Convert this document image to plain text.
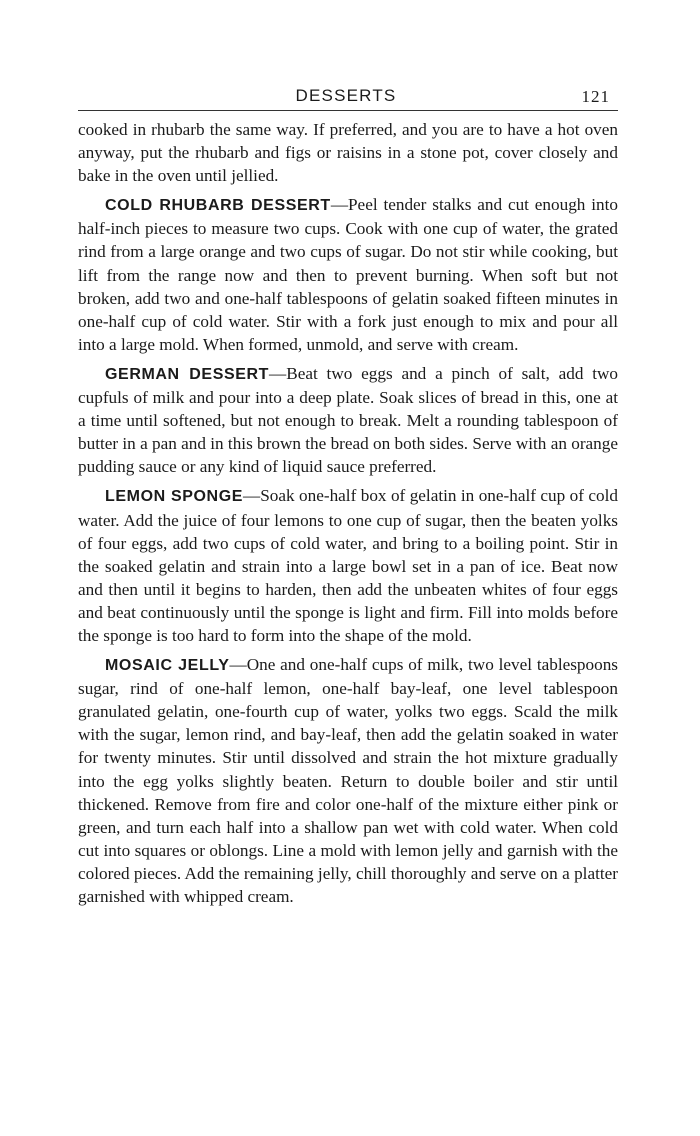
DESSERTS	121

cooked in rhubarb the same way. If preferred, and you are to have a hot oven anyway, put the rhubarb and figs or raisins in a stone pot, cover closely and bake in the oven until jellied.

COLD RHUBARB DESSERT—Peel tender stalks and cut enough into half-inch pieces to measure two cups. Cook with one cup of water, the grated rind from a large orange and two cups of sugar. Do not stir while cooking, but lift from the range now and then to prevent burning. When soft but not broken, add two and one-half tablespoons of gelatin soaked fifteen minutes in one-half cup of cold water. Stir with a fork just enough to mix and pour all into a large mold. When formed, unmold, and serve with cream.

GERMAN DESSERT—Beat two eggs and a pinch of salt, add two cupfuls of milk and pour into a deep plate. Soak slices of bread in this, one at a time until softened, but not enough to break. Melt a rounding tablespoon of butter in a pan and in this brown the bread on both sides. Serve with an orange pudding sauce or any kind of liquid sauce preferred.

LEMON SPONGE—Soak one-half box of gelatin in one-half cup of cold water. Add the juice of four lemons to one cup of sugar, then the beaten yolks of four eggs, add two cups of cold water, and bring to a boiling point. Stir in the soaked gelatin and strain into a large bowl set in a pan of ice. Beat now and then until it begins to harden, then add the unbeaten whites of four eggs and beat continuously until the sponge is light and firm. Fill into molds before the sponge is too hard to form into the shape of the mold.

MOSAIC JELLY—One and one-half cups of milk, two level tablespoons sugar, rind of one-half lemon, one-half bay-leaf, one level tablespoon granulated gelatin, one-fourth cup of water, yolks two eggs. Scald the milk with the sugar, lemon rind, and bay-leaf, then add the gelatin soaked in water for twenty minutes. Stir until dissolved and strain the hot mixture gradually into the egg yolks slightly beaten. Return to double boiler and stir until thickened. Remove from fire and color one-half of the mixture either pink or green, and turn each half into a shallow pan wet with cold water. When cold cut into squares or oblongs. Line a mold with lemon jelly and garnish with the colored pieces. Add the remaining jelly, chill thoroughly and serve on a platter garnished with whipped cream.
